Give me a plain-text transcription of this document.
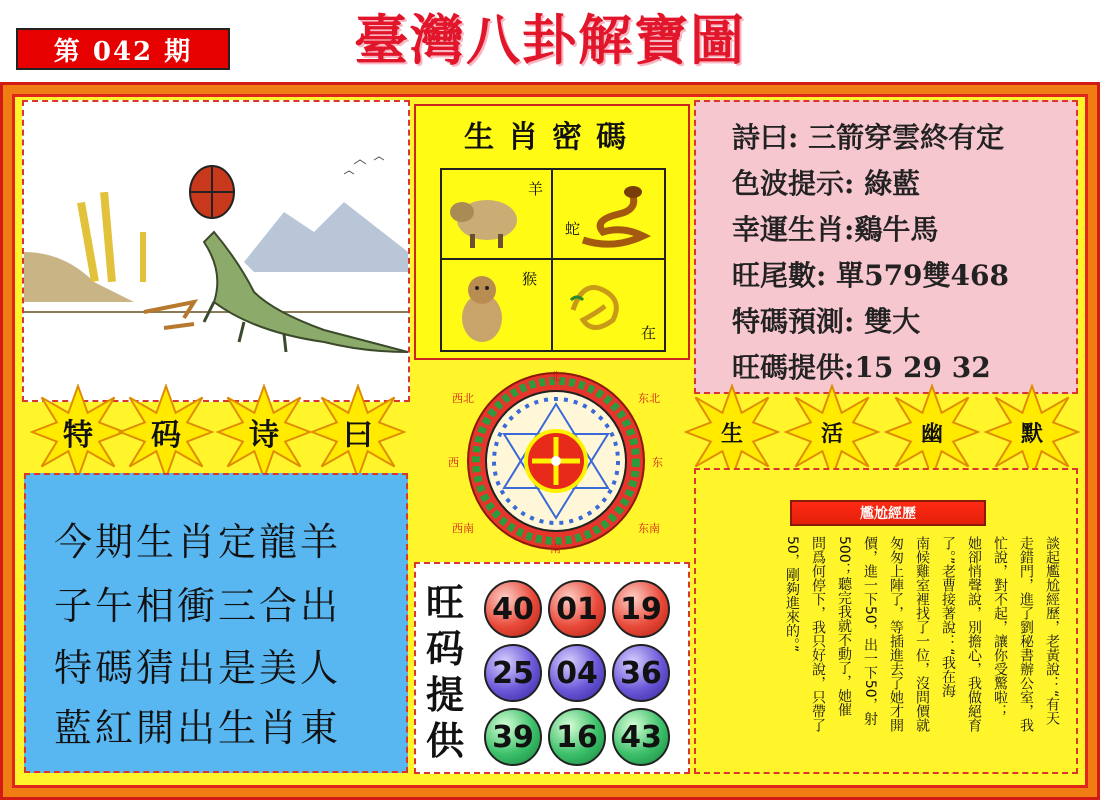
第 042 期	臺灣八卦解寶圖
生肖密碼
羊
蛇
猴
在
詩曰: 三箭穿雲終有定
色波提示: 綠藍
幸運生肖:鷄牛馬
旺尾數: 單579雙468
特碼預測: 雙大
旺碼提供:15 29 32
特	码	诗	曰	生	活	幽	默
今期生肖定龍羊
子午相衝三合出
特碼猜出是美人
藍紅開出生肖東
西北
北
东北
西	东
西南
南
东南
旺
码
提
供
40 01 19
25 04 36
39 16 43
尷尬經歷
談起尷尬經歷，老黃說：“有天
走錯門，進了劉秘書辦公室，我
忙說，對不起，讓你受驚啦；
她卻悄聲說，別擔心，我做絕育
了。”老曹接著說：“我在海
南候雞室裡找了一位，沒問價就
匆匆上陣了，等插進去了她才開
價，進一下50，出一下50，射
500；聽完我就不動了，她催
問爲何停下，我只好說，只帶了
50，剛夠進來的。”
